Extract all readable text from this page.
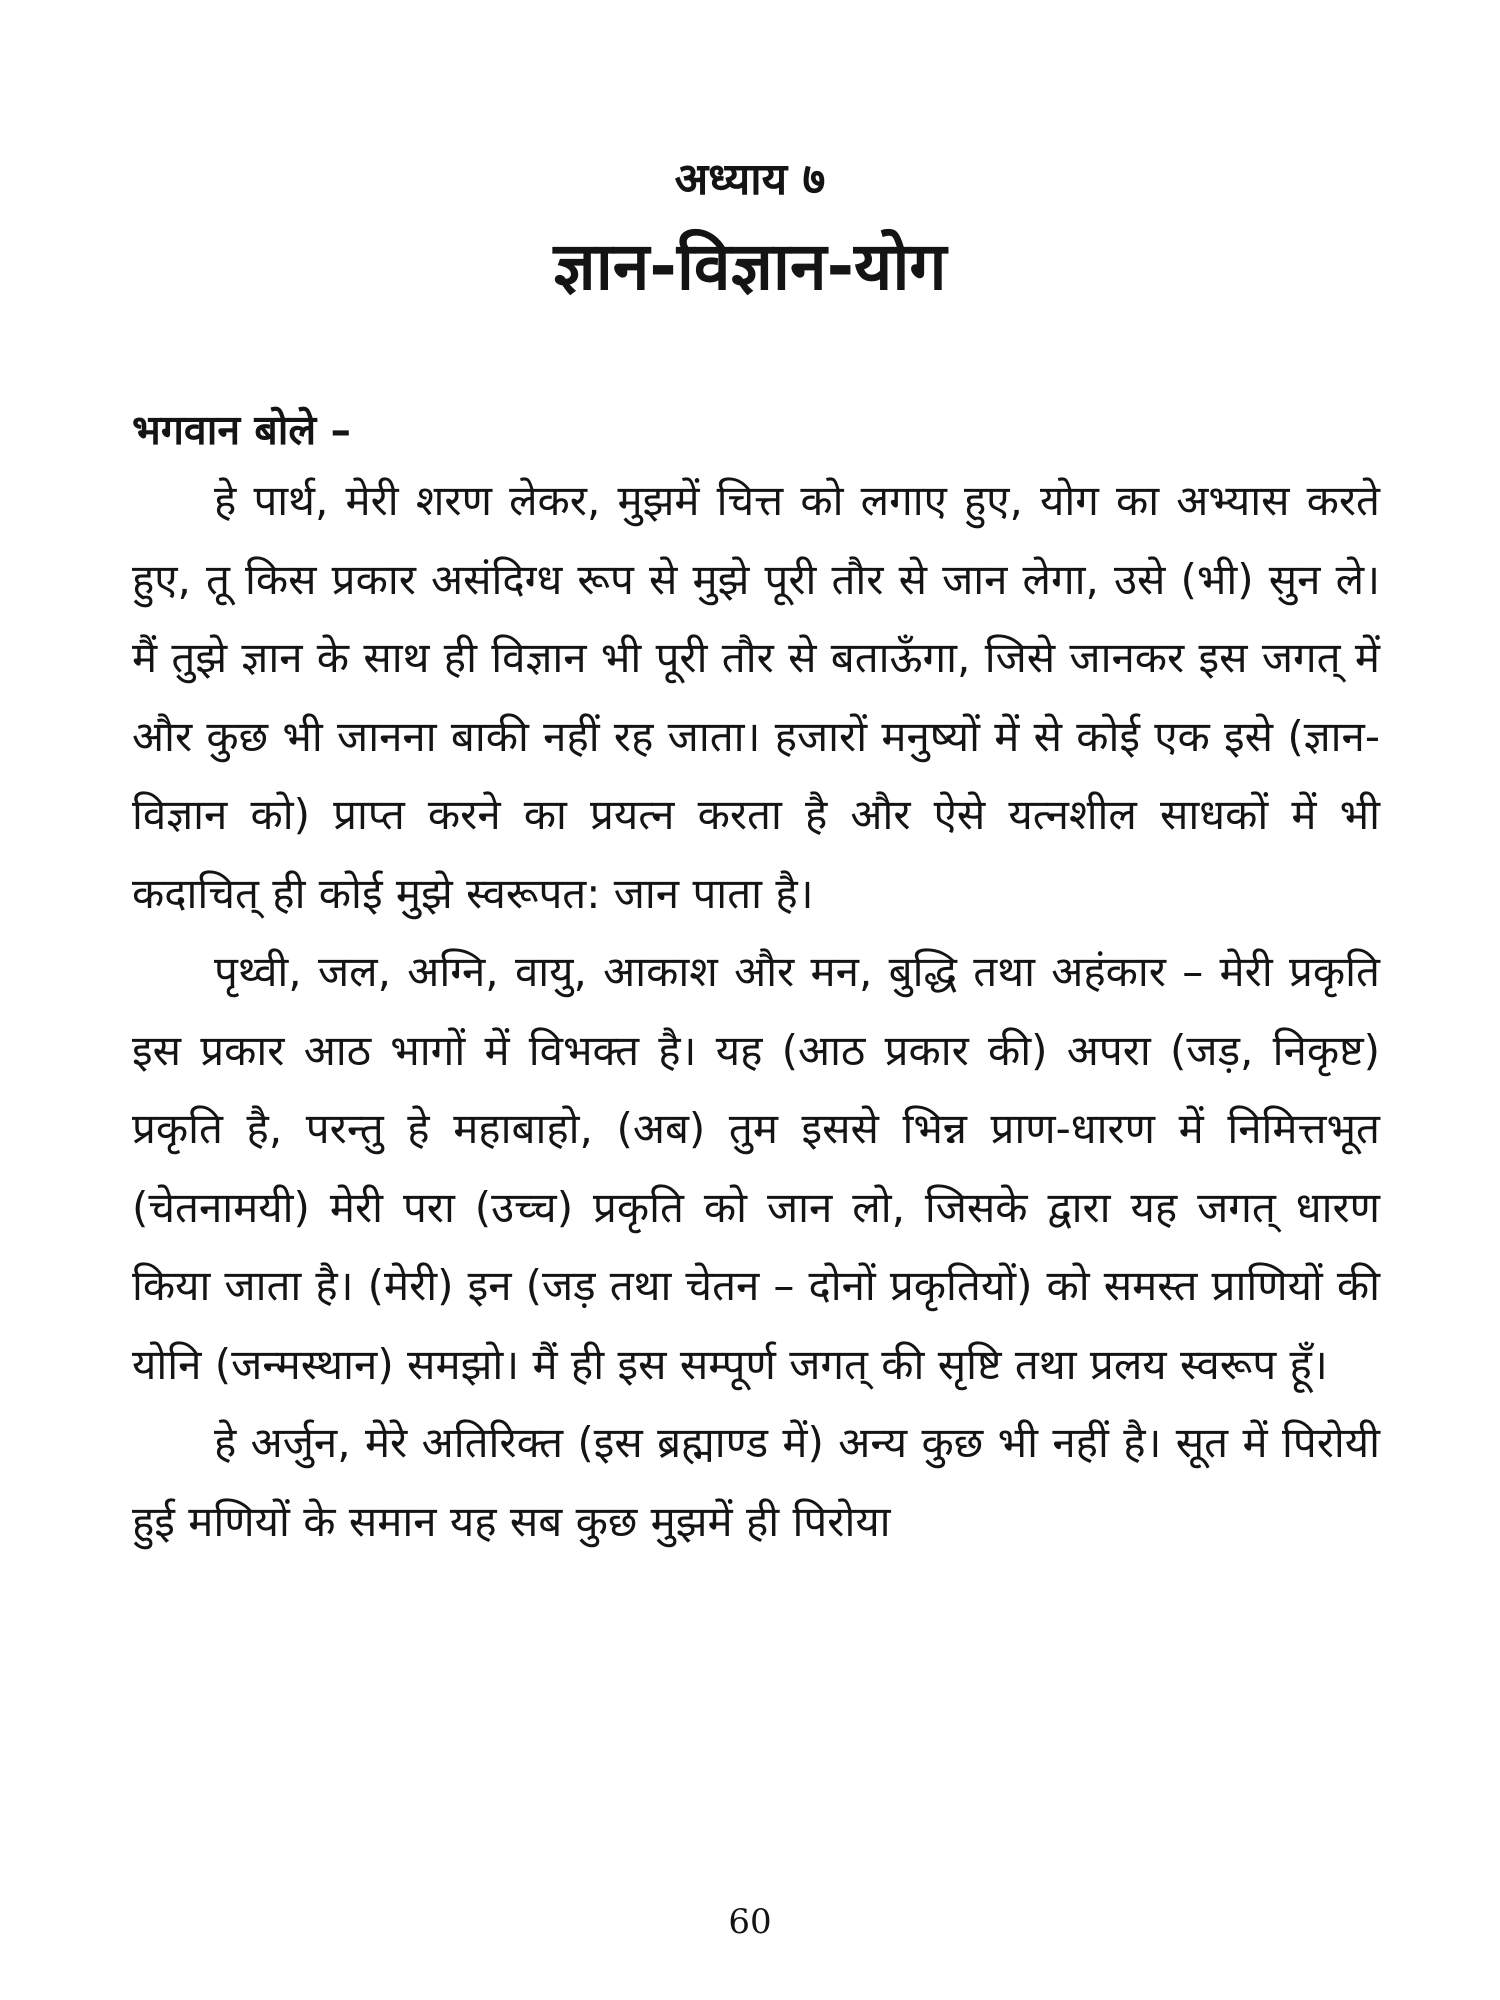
अध्याय ७
ज्ञान-विज्ञान-योग

भगवान बोले –

हे पार्थ, मेरी शरण लेकर, मुझमें चित्त को लगाए हुए, योग का अभ्यास करते हुए, तू किस प्रकार असंदिग्ध रूप से मुझे पूरी तौर से जान लेगा, उसे (भी) सुन ले। मैं तुझे ज्ञान के साथ ही विज्ञान भी पूरी तौर से बताऊँगा, जिसे जानकर इस जगत् में और कुछ भी जानना बाकी नहीं रह जाता। हजारों मनुष्यों में से कोई एक इसे (ज्ञान-विज्ञान को) प्राप्त करने का प्रयत्न करता है और ऐसे यत्नशील साधकों में भी कदाचित् ही कोई मुझे स्वरूपत: जान पाता है।

पृथ्वी, जल, अग्नि, वायु, आकाश और मन, बुद्धि तथा अहंकार – मेरी प्रकृति इस प्रकार आठ भागों में विभक्त है। यह (आठ प्रकार की) अपरा (जड़, निकृष्ट) प्रकृति है, परन्तु हे महाबाहो, (अब) तुम इससे भिन्न प्राण-धारण में निमित्तभूत (चेतनामयी) मेरी परा (उच्च) प्रकृति को जान लो, जिसके द्वारा यह जगत् धारण किया जाता है। (मेरी) इन (जड़ तथा चेतन – दोनों प्रकृतियों) को समस्त प्राणियों की योनि (जन्मस्थान) समझो। मैं ही इस सम्पूर्ण जगत् की सृष्टि तथा प्रलय स्वरूप हूँ।

हे अर्जुन, मेरे अतिरिक्त (इस ब्रह्माण्ड में) अन्य कुछ भी नहीं है। सूत में पिरोयी हुई मणियों के समान यह सब कुछ मुझमें ही पिरोया

60
